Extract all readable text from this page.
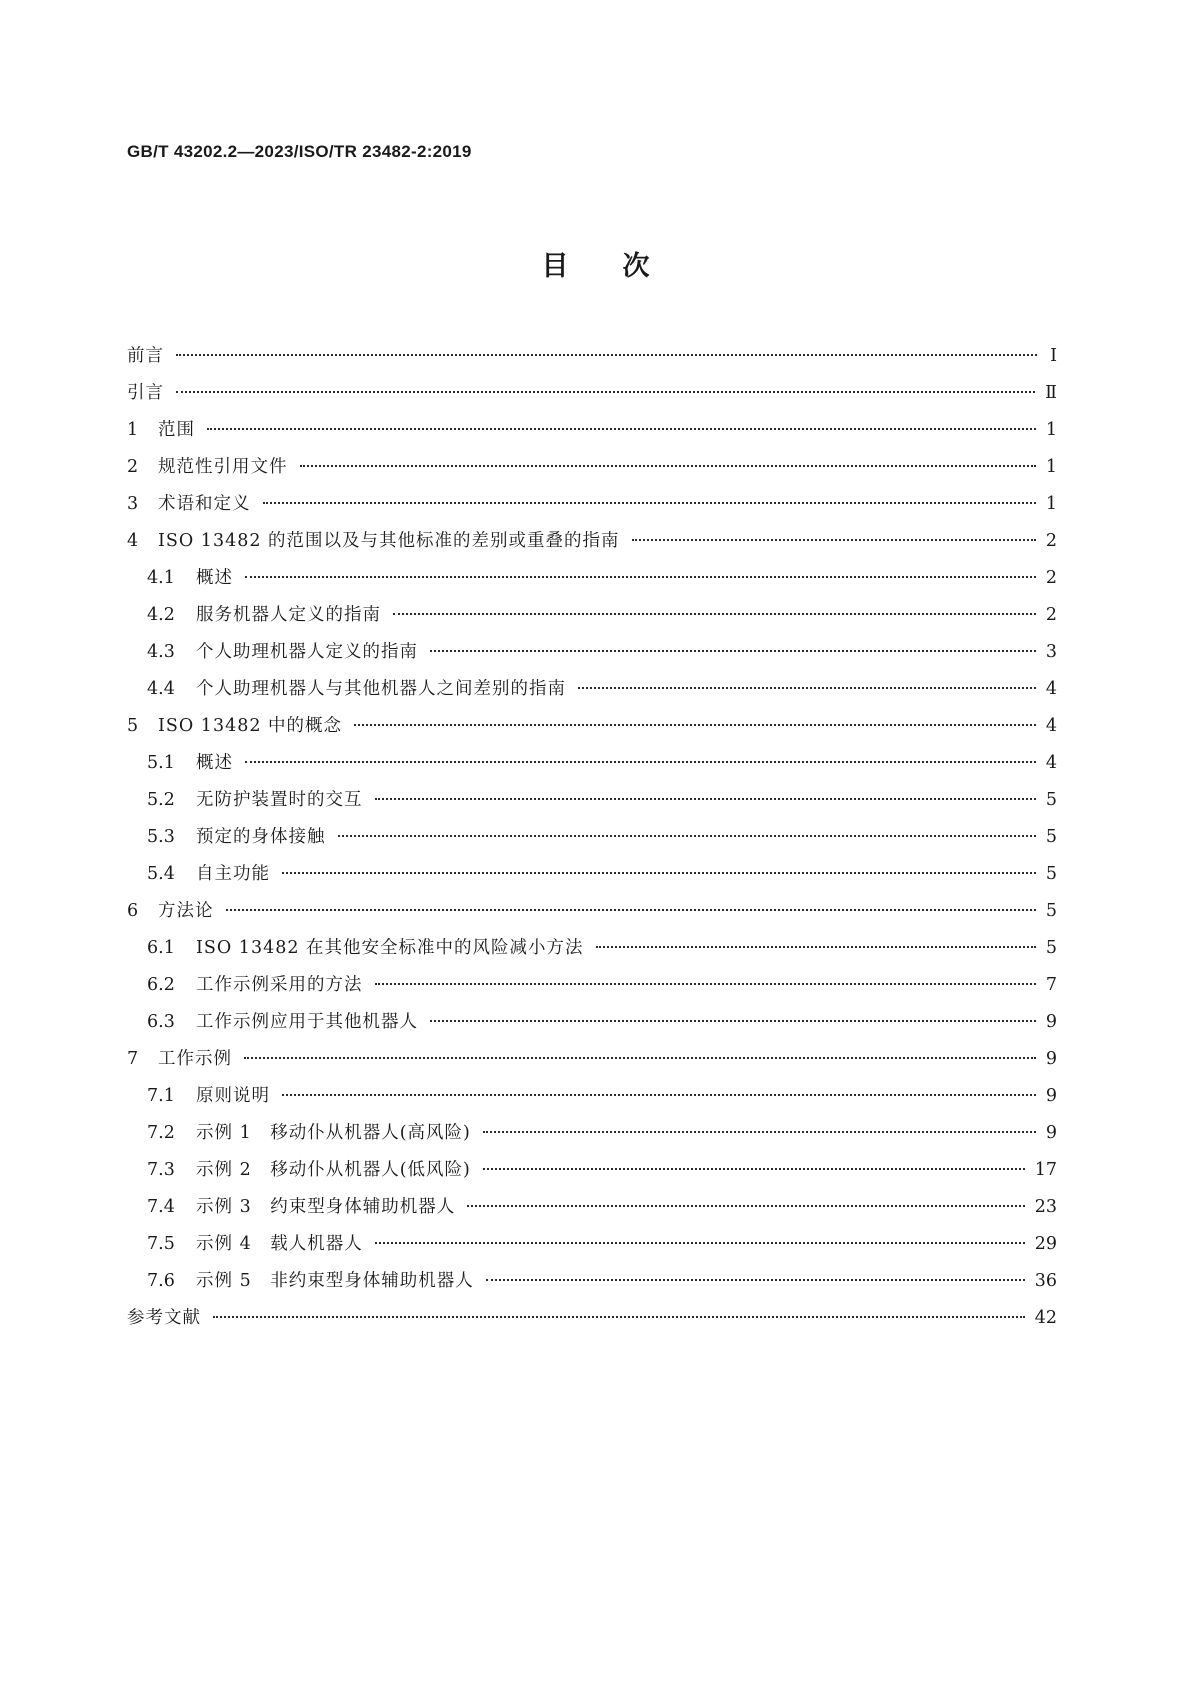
GB/T 43202.2—2023/ISO/TR 23482-2:2019
目　　次
前言	Ⅰ
引言	Ⅱ
1	范围	1
2	规范性引用文件	1
3	术语和定义	1
4	ISO 13482 的范围以及与其他标准的差别或重叠的指南	2
4.1	概述	2
4.2	服务机器人定义的指南	2
4.3	个人助理机器人定义的指南	3
4.4	个人助理机器人与其他机器人之间差别的指南	4
5	ISO 13482 中的概念	4
5.1	概述	4
5.2	无防护装置时的交互	5
5.3	预定的身体接触	5
5.4	自主功能	5
6	方法论	5
6.1	ISO 13482 在其他安全标准中的风险减小方法	5
6.2	工作示例采用的方法	7
6.3	工作示例应用于其他机器人	9
7	工作示例	9
7.1	原则说明	9
7.2	示例 1　移动仆从机器人(高风险)	9
7.3	示例 2　移动仆从机器人(低风险)	17
7.4	示例 3　约束型身体辅助机器人	23
7.5	示例 4　载人机器人	29
7.6	示例 5　非约束型身体辅助机器人	36
参考文献	42
